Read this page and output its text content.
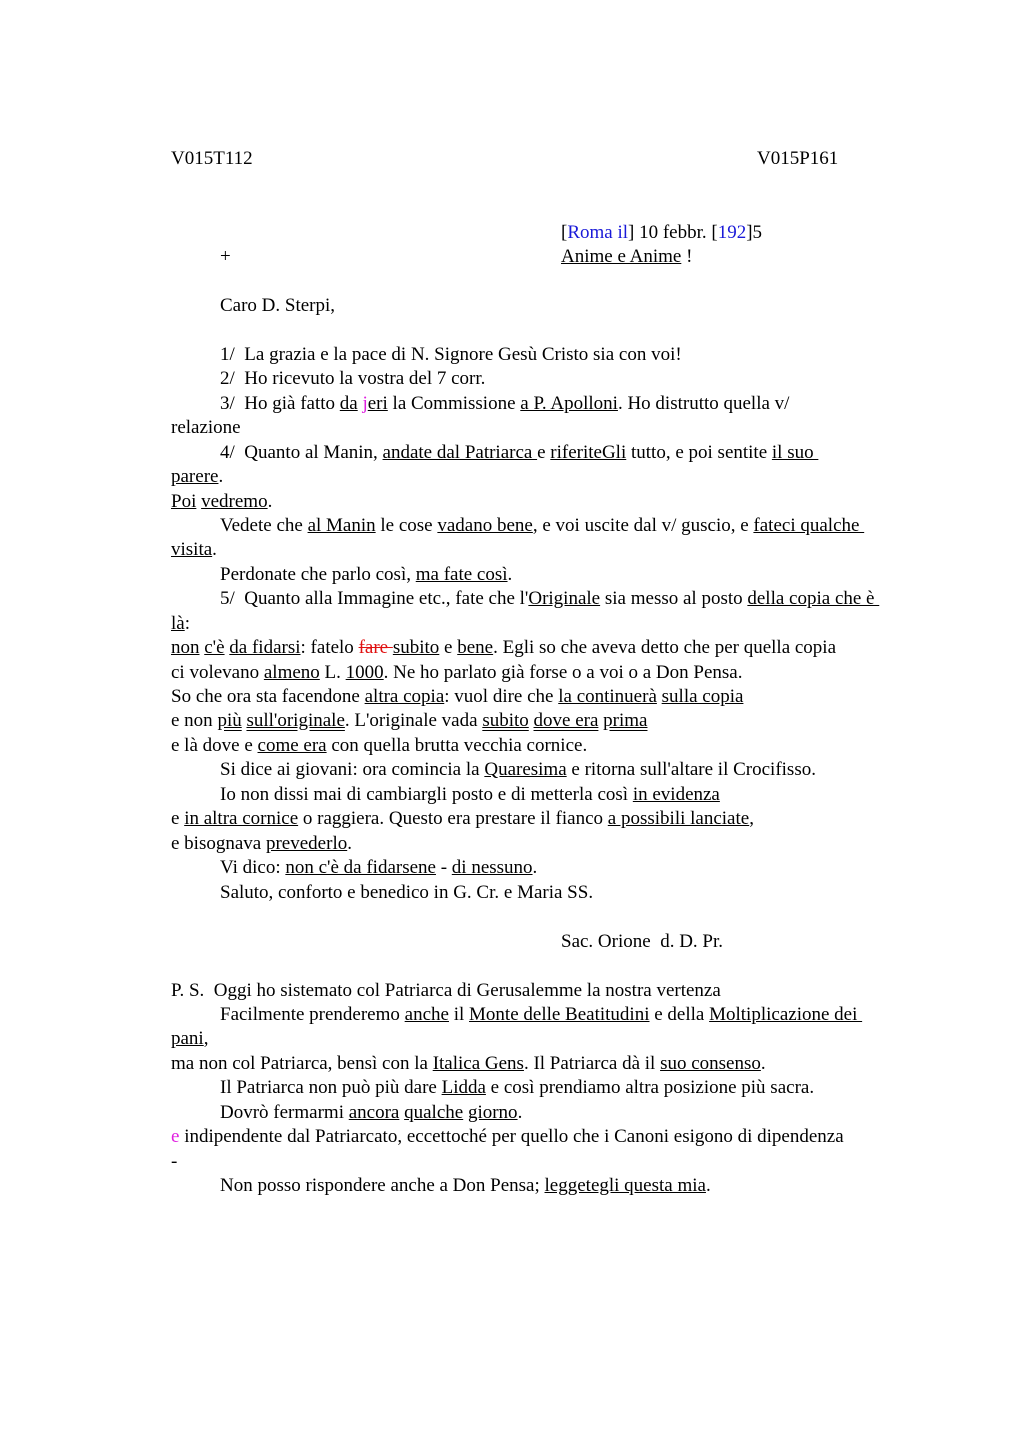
V015T112	V015P161
[Roma il] 10 febbr. [192]5
+	Anime e Anime !
Caro D. Sterpi,
1/  La grazia e la pace di N. Signore Gesù Cristo sia con voi!
2/  Ho ricevuto la vostra del 7 corr.
3/  Ho già fatto da jeri la Commissione a P. Apolloni. Ho distrutto quella v/
relazione
4/  Quanto al Manin, andate dal Patriarca e riferiteGli tutto, e poi sentite il suo
parere.
Poi vedremo.
Vedete che al Manin le cose vadano bene, e voi uscite dal v/ guscio, e fateci qualche
visita.
Perdonate che parlo così, ma fate così.
5/  Quanto alla Immagine etc., fate che l'Originale sia messo al posto della copia che è
là:
non c'è da fidarsi: fatelo fare subito e bene. Egli so che aveva detto che per quella copia
ci volevano almeno L. 1000. Ne ho parlato già forse o a voi o a Don Pensa.
So che ora sta facendone altra copia: vuol dire che la continuerà sulla copia
e non più sull'originale. L'originale vada subito dove era prima
e là dove e come era con quella brutta vecchia cornice.
Si dice ai giovani: ora comincia la Quaresima e ritorna sull'altare il Crocifisso.
Io non dissi mai di cambiargli posto e di metterla così in evidenza
e in altra cornice o raggiera. Questo era prestare il fianco a possibili lanciate,
e bisognava prevederlo.
Vi dico: non c'è da fidarsene - di nessuno.
Saluto, conforto e benedico in G. Cr. e Maria SS.
Sac. Orione  d. D. Pr.
P. S.  Oggi ho sistemato col Patriarca di Gerusalemme la nostra vertenza
Facilmente prenderemo anche il Monte delle Beatitudini e della Moltiplicazione dei
pani,
ma non col Patriarca, bensì con la Italica Gens. Il Patriarca dà il suo consenso.
Il Patriarca non può più dare Lidda e così prendiamo altra posizione più sacra.
Dovrò fermarmi ancora qualche giorno.
e indipendente dal Patriarcato, eccettoché per quello che i Canoni esigono di dipendenza
-
Non posso rispondere anche a Don Pensa; leggetegli questa mia.
